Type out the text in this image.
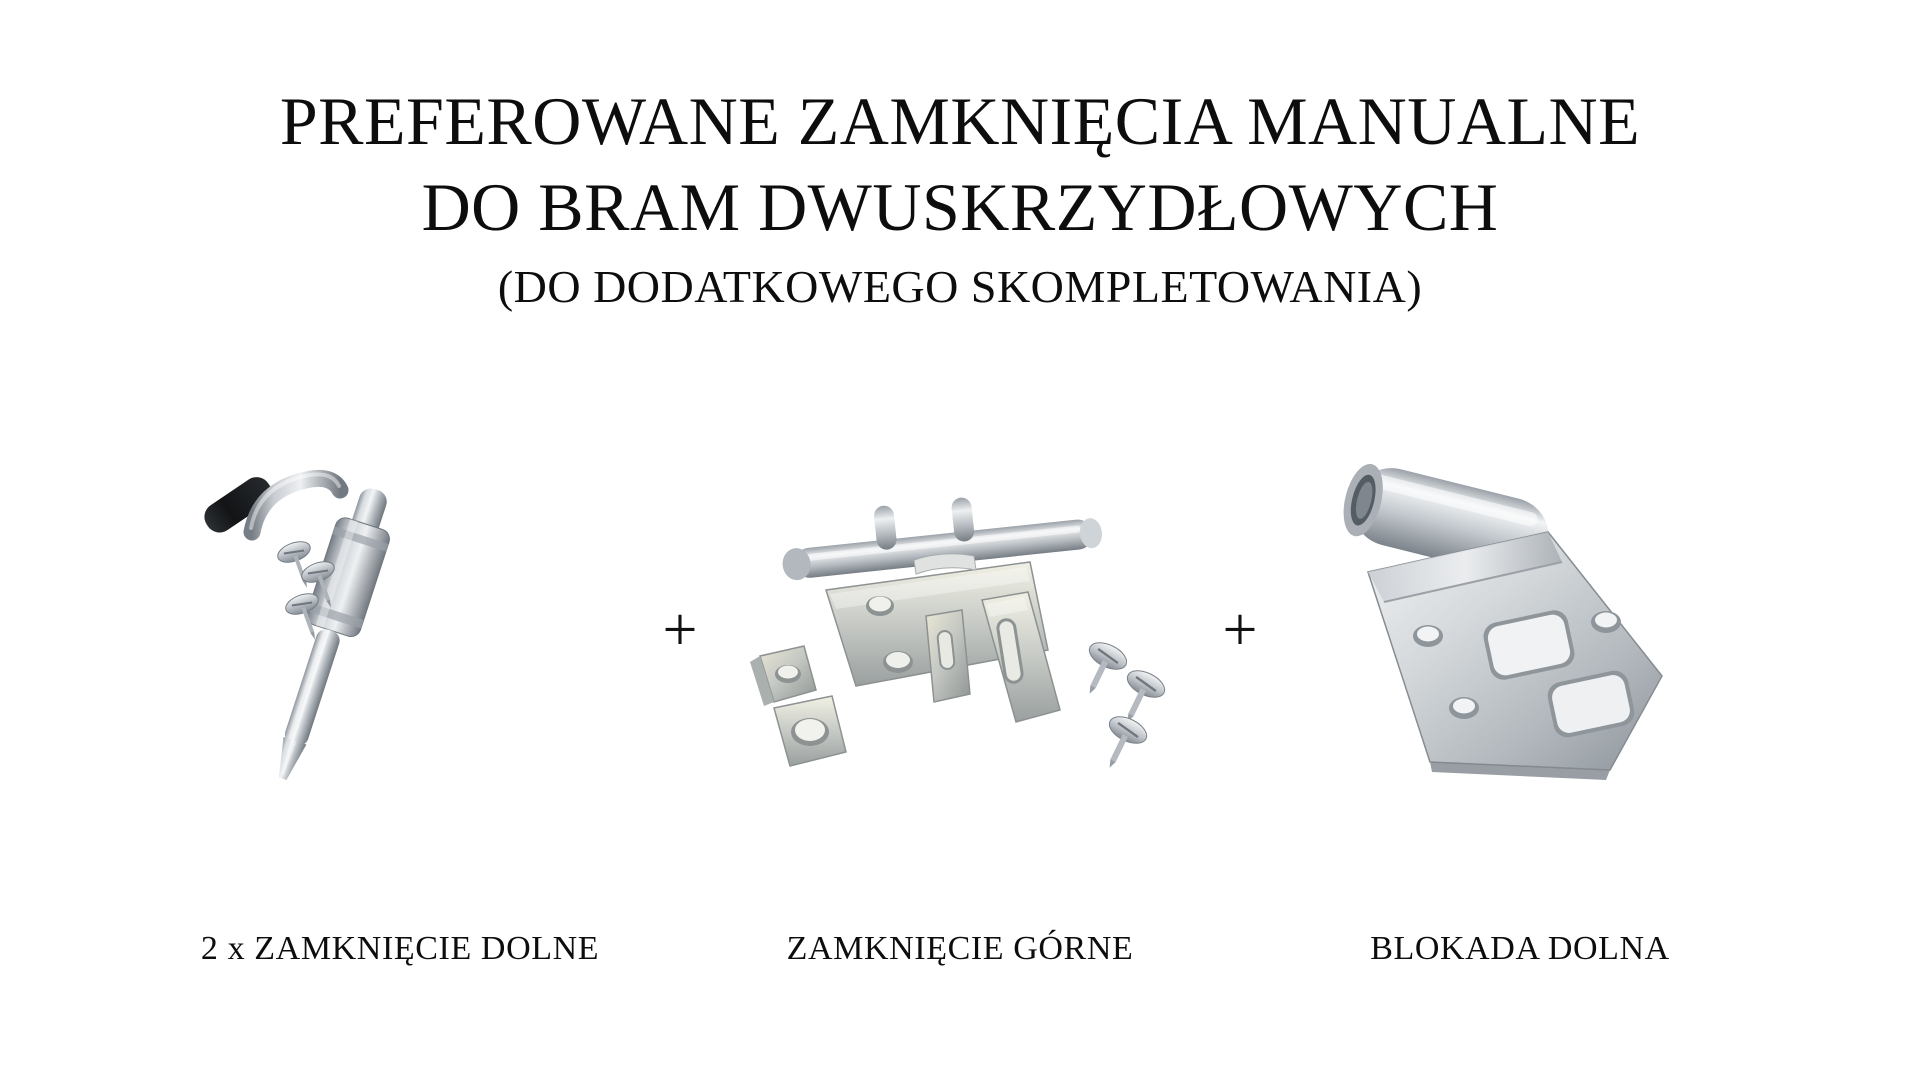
PREFEROWANE ZAMKNIĘCIA MANUALNE
DO BRAM DWUSKRZYDŁOWYCH
(DO DODATKOWEGO SKOMPLETOWANIA)
+	+
2 x ZAMKNIĘCIE DOLNE	ZAMKNIĘCIE GÓRNE	BLOKADA DOLNA
